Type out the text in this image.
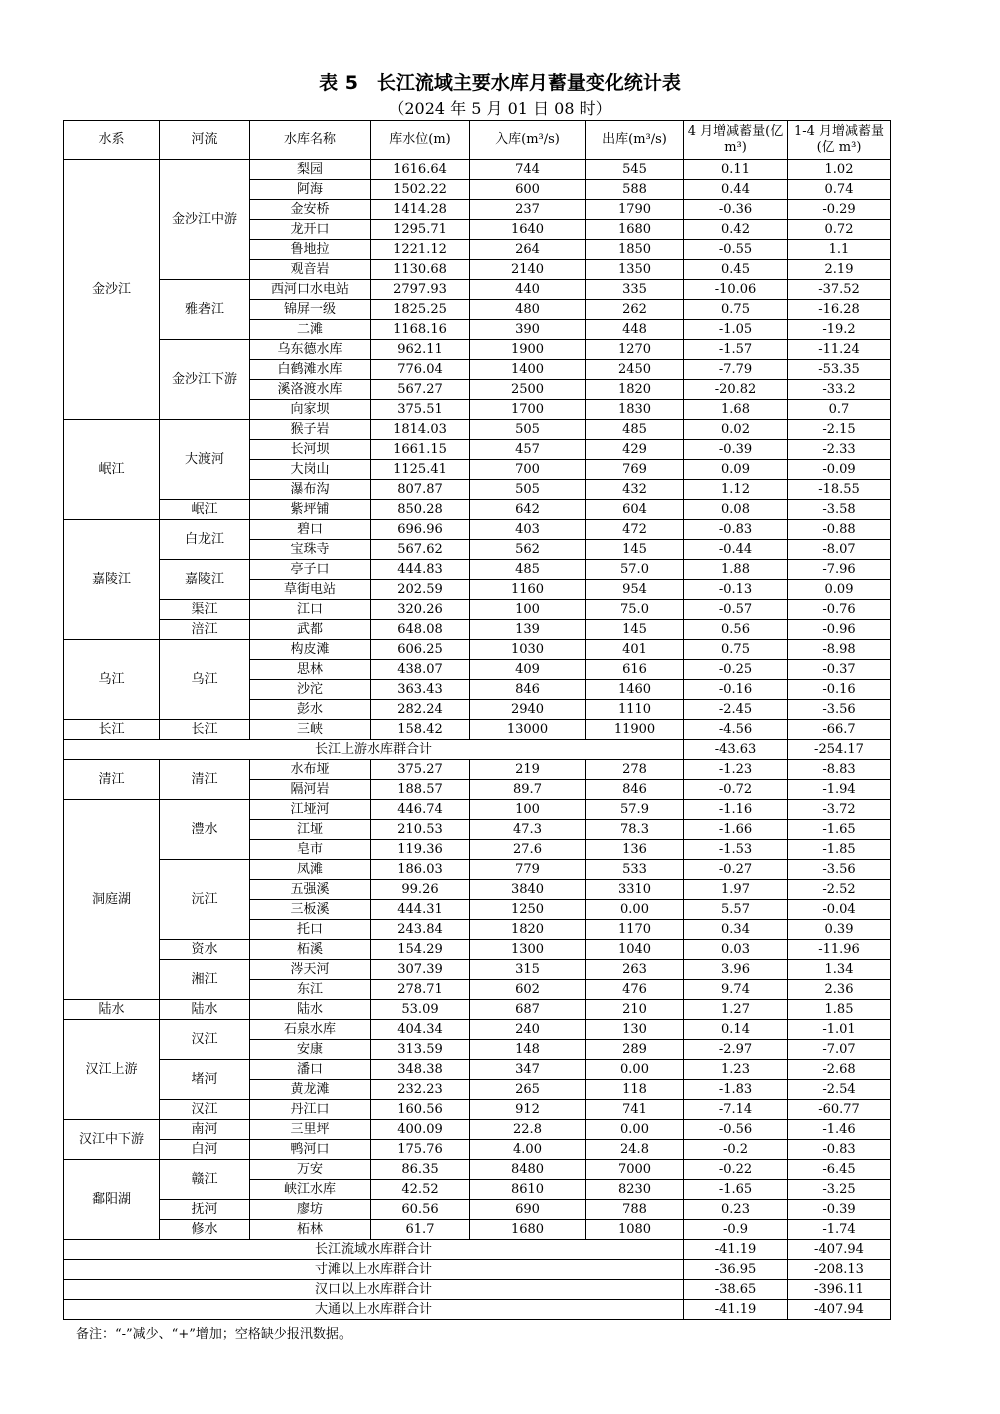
表 5　长江流域主要水库月蓄量变化统计表
（2024 年 5 月 01 日 08 时）
水系	河流	水库名称	库水位(m)	入库(m³/s)	出库(m³/s)	4 月增减蓄量(亿 m³)	1-4 月增减蓄量(亿 m³)
金沙江	金沙江中游	梨园	1616.64	744	545	0.11	1.02
		阿海	1502.22	600	588	0.44	0.74
		金安桥	1414.28	237	1790	-0.36	-0.29
		龙开口	1295.71	1640	1680	0.42	0.72
		鲁地拉	1221.12	264	1850	-0.55	1.1
		观音岩	1130.68	2140	1350	0.45	2.19
	雅砻江	西河口水电站	2797.93	440	335	-10.06	-37.52
		锦屏一级	1825.25	480	262	0.75	-16.28
		二滩	1168.16	390	448	-1.05	-19.2
	金沙江下游	乌东德水库	962.11	1900	1270	-1.57	-11.24
		白鹤滩水库	776.04	1400	2450	-7.79	-53.35
		溪洛渡水库	567.27	2500	1820	-20.82	-33.2
		向家坝	375.51	1700	1830	1.68	0.7
岷江	大渡河	猴子岩	1814.03	505	485	0.02	-2.15
		长河坝	1661.15	457	429	-0.39	-2.33
		大岗山	1125.41	700	769	0.09	-0.09
		瀑布沟	807.87	505	432	1.12	-18.55
	岷江	紫坪铺	850.28	642	604	0.08	-3.58
嘉陵江	白龙江	碧口	696.96	403	472	-0.83	-0.88
		宝珠寺	567.62	562	145	-0.44	-8.07
	嘉陵江	亭子口	444.83	485	57.0	1.88	-7.96
		草街电站	202.59	1160	954	-0.13	0.09
	渠江	江口	320.26	100	75.0	-0.57	-0.76
	涪江	武都	648.08	139	145	0.56	-0.96
乌江	乌江	构皮滩	606.25	1030	401	0.75	-8.98
		思林	438.07	409	616	-0.25	-0.37
		沙沱	363.43	846	1460	-0.16	-0.16
		彭水	282.24	2940	1110	-2.45	-3.56
长江	长江	三峡	158.42	13000	11900	-4.56	-66.7
长江上游水库群合计						-43.63	-254.17
清江	清江	水布垭	375.27	219	278	-1.23	-8.83
		隔河岩	188.57	89.7	846	-0.72	-1.94
洞庭湖	澧水	江垭河	446.74	100	57.9	-1.16	-3.72
		江垭	210.53	47.3	78.3	-1.66	-1.65
		皂市	119.36	27.6	136	-1.53	-1.85
	沅江	凤滩	186.03	779	533	-0.27	-3.56
		五强溪	99.26	3840	3310	1.97	-2.52
		三板溪	444.31	1250	0.00	5.57	-0.04
		托口	243.84	1820	1170	0.34	0.39
	资水	柘溪	154.29	1300	1040	0.03	-11.96
	湘江	涔天河	307.39	315	263	3.96	1.34
		东江	278.71	602	476	9.74	2.36
陆水	陆水	陆水	53.09	687	210	1.27	1.85
汉江上游	汉江	石泉水库	404.34	240	130	0.14	-1.01
		安康	313.59	148	289	-2.97	-7.07
	堵河	潘口	348.38	347	0.00	1.23	-2.68
		黄龙滩	232.23	265	118	-1.83	-2.54
	汉江	丹江口	160.56	912	741	-7.14	-60.77
汉江中下游	南河	三里坪	400.09	22.8	0.00	-0.56	-1.46
	白河	鸭河口	175.76	4.00	24.8	-0.2	-0.83
鄱阳湖	赣江	万安	86.35	8480	7000	-0.22	-6.45
		峡江水库	42.52	8610	8230	-1.65	-3.25
	抚河	廖坊	60.56	690	788	0.23	-0.39
	修水	柘林	61.7	1680	1080	-0.9	-1.74
长江流域水库群合计						-41.19	-407.94
寸滩以上水库群合计						-36.95	-208.13
汉口以上水库群合计						-38.65	-396.11
大通以上水库群合计						-41.19	-407.94
备注：“-”减少、“+”增加；空格缺少报汛数据。
